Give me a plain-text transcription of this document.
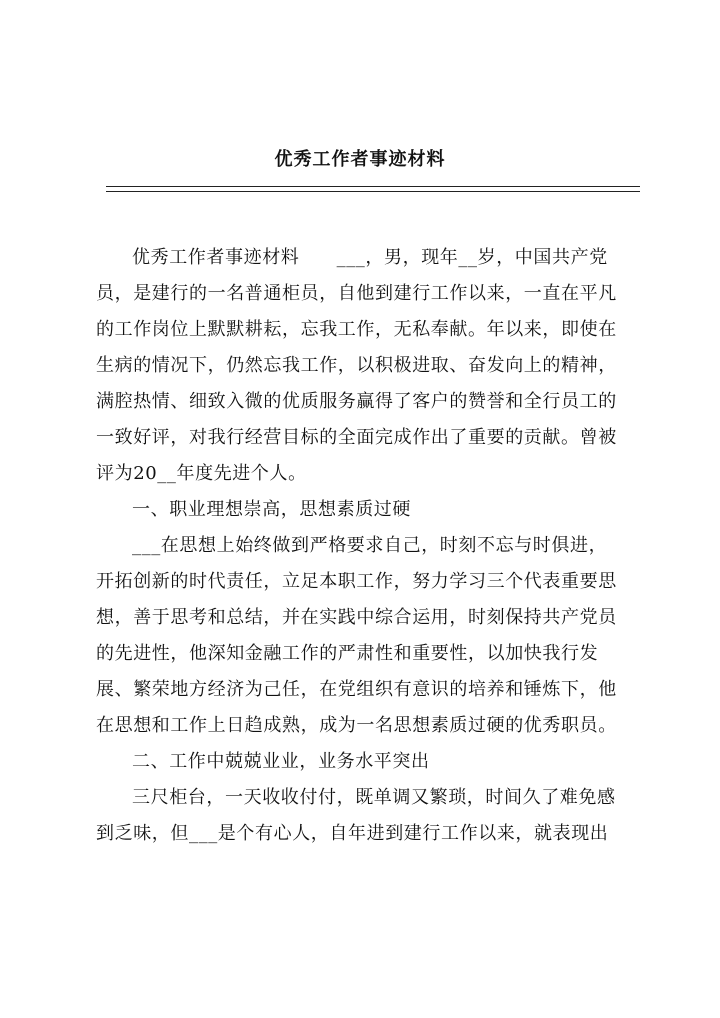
优秀工作者事迹材料
优秀工作者事迹材料　　___，男，现年__岁，中国共产党
员，是建行的一名普通柜员，自他到建行工作以来，一直在平凡
的工作岗位上默默耕耘，忘我工作，无私奉献。年以来，即使在
生病的情况下，仍然忘我工作，以积极进取、奋发向上的精神，
满腔热情、细致入微的优质服务赢得了客户的赞誉和全行员工的
一致好评，对我行经营目标的全面完成作出了重要的贡献。曾被
评为20__年度先进个人。
一、职业理想崇高，思想素质过硬
___在思想上始终做到严格要求自己，时刻不忘与时俱进，
开拓创新的时代责任，立足本职工作，努力学习三个代表重要思
想，善于思考和总结，并在实践中综合运用，时刻保持共产党员
的先进性，他深知金融工作的严肃性和重要性，以加快我行发
展、繁荣地方经济为己任，在党组织有意识的培养和锤炼下，他
在思想和工作上日趋成熟，成为一名思想素质过硬的优秀职员。
二、工作中兢兢业业，业务水平突出
三尺柜台，一天收收付付，既单调又繁琐，时间久了难免感
到乏味，但___是个有心人，自年进到建行工作以来，就表现出
